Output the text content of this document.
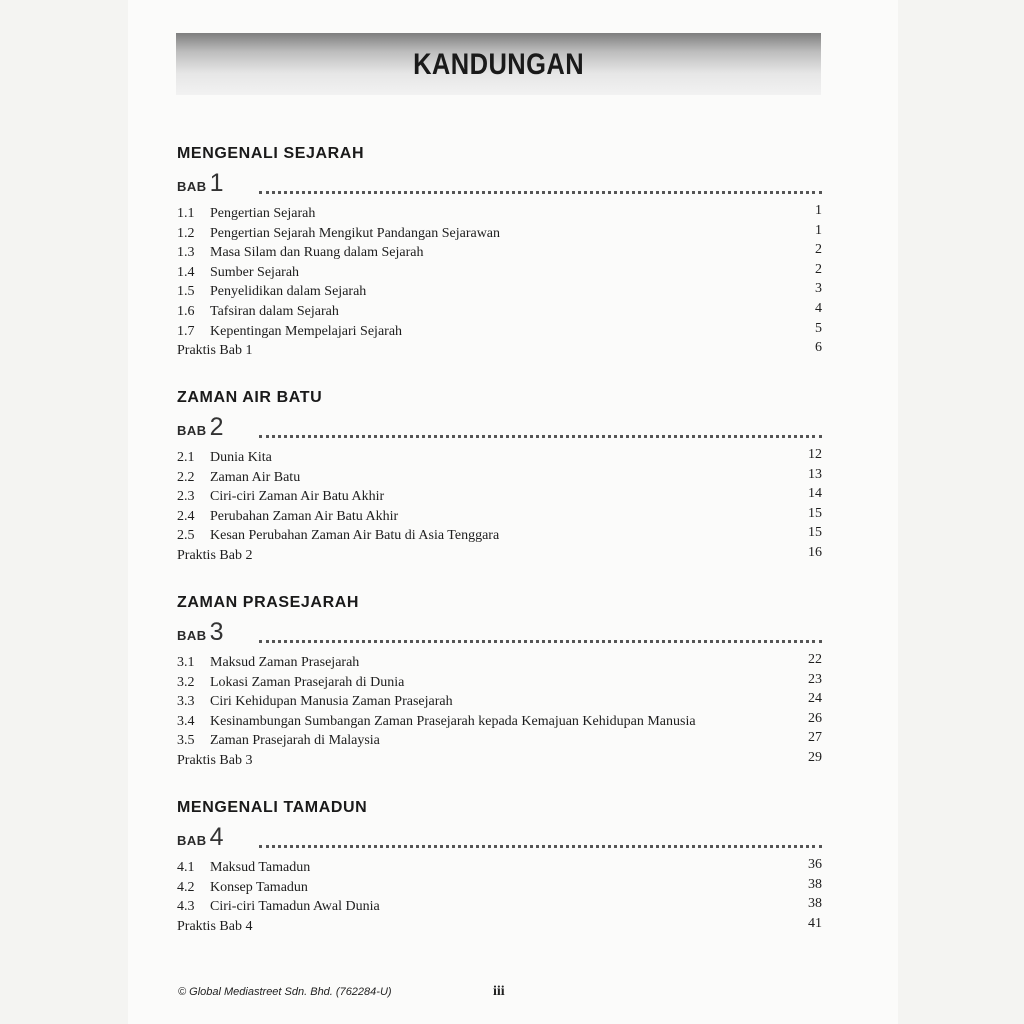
KANDUNGAN
MENGENALI SEJARAH
BAB 1
1.1 Pengertian Sejarah	1
1.2 Pengertian Sejarah Mengikut Pandangan Sejarawan	1
1.3 Masa Silam dan Ruang dalam Sejarah	2
1.4 Sumber Sejarah	2
1.5 Penyelidikan dalam Sejarah	3
1.6 Tafsiran dalam Sejarah	4
1.7 Kepentingan Mempelajari Sejarah	5
Praktis Bab 1	6
ZAMAN AIR BATU
BAB 2
2.1 Dunia Kita	12
2.2 Zaman Air Batu	13
2.3 Ciri-ciri Zaman Air Batu Akhir	14
2.4 Perubahan Zaman Air Batu Akhir	15
2.5 Kesan Perubahan Zaman Air Batu di Asia Tenggara	15
Praktis Bab 2	16
ZAMAN PRASEJARAH
BAB 3
3.1 Maksud Zaman Prasejarah	22
3.2 Lokasi Zaman Prasejarah di Dunia	23
3.3 Ciri Kehidupan Manusia Zaman Prasejarah	24
3.4 Kesinambungan Sumbangan Zaman Prasejarah kepada Kemajuan Kehidupan Manusia	26
3.5 Zaman Prasejarah di Malaysia	27
Praktis Bab 3	29
MENGENALI TAMADUN
BAB 4
4.1 Maksud Tamadun	36
4.2 Konsep Tamadun	38
4.3 Ciri-ciri Tamadun Awal Dunia	38
Praktis Bab 4	41
© Global Mediastreet Sdn. Bhd. (762284-U)	iii
